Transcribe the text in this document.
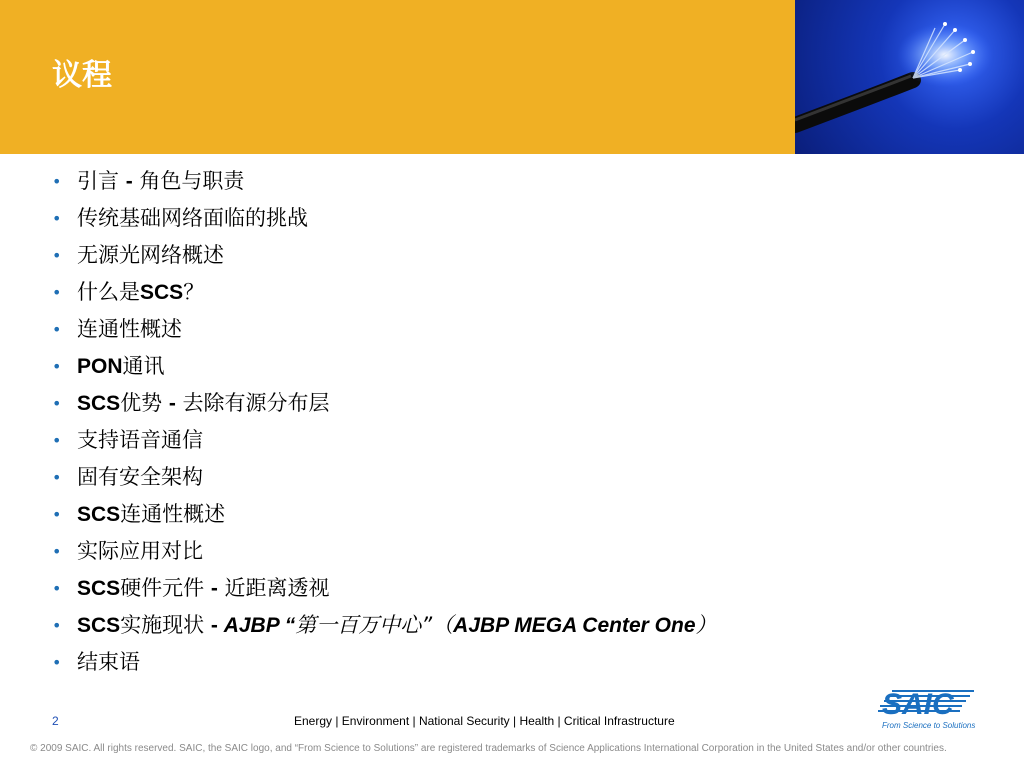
议程
• 引言 - 角色与职责
• 传统基础网络面临的挑战
• 无源光网络概述
• 什么是SCS？
• 连通性概述
• PON通讯
• SCS优势 - 去除有源分布层
• 支持语音通信
• 固有安全架构
• SCS连通性概述
• 实际应用对比
• SCS硬件元件 - 近距离透视
• SCS实施现状 - AJBP “第一百万中心”（AJBP MEGA Center One）
• 结束语
2	Energy | Environment | National Security | Health | Critical Infrastructure
© 2009 SAIC. All rights reserved. SAIC, the SAIC logo, and “From Science to Solutions” are registered trademarks of Science Applications International Corporation in the United States and/or other countries.
SAIC
From Science to Solutions
